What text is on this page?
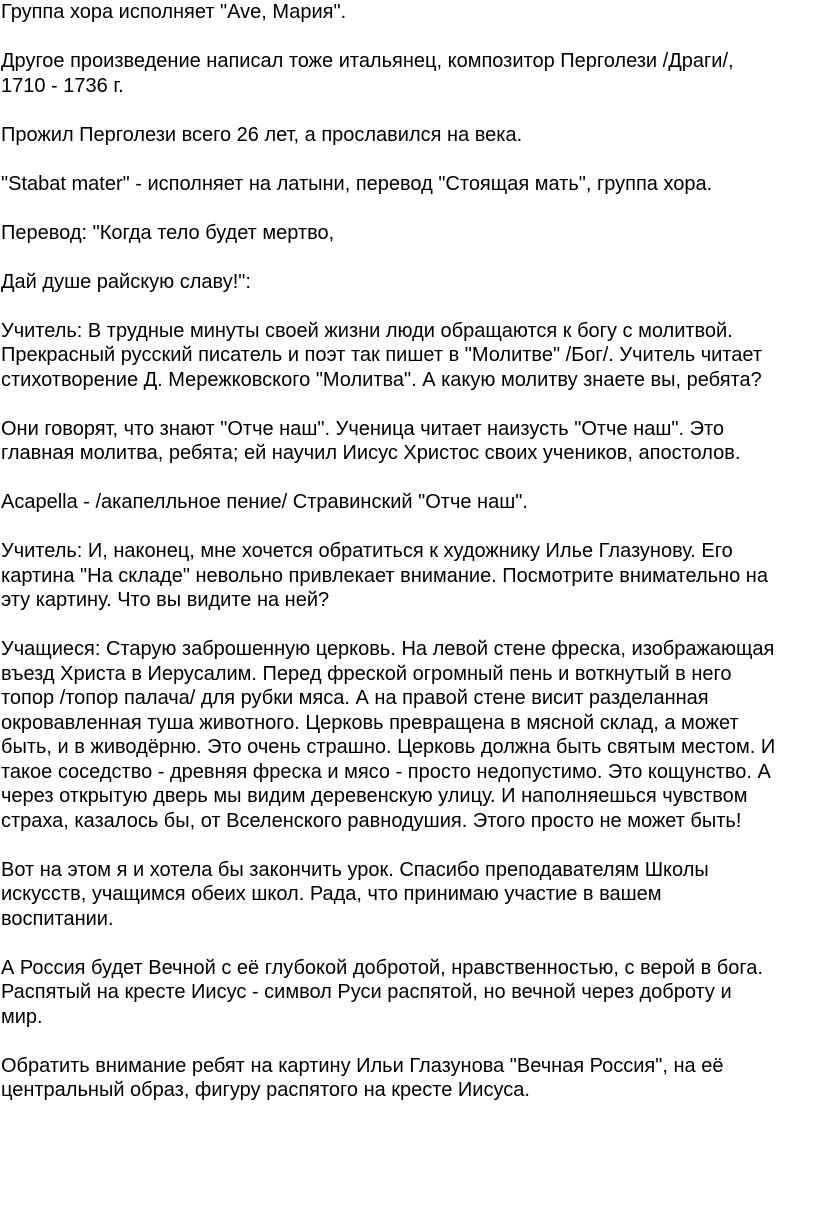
Группа хора исполняет "Ave, Мария".

Другое произведение написал тоже итальянец, композитор Перголези /Драги/,
1710 - 1736 г.

Прожил Перголези всего 26 лет, а прославился на века.

"Stabat mater" - исполняет на латыни, перевод "Стоящая мать", группа хора.

Перевод: "Когда тело будет мертво,

Дай душе райскую славу!":

Учитель: В трудные минуты своей жизни люди обращаются к богу с молитвой.
Прекрасный русский писатель и поэт так пишет в "Молитве" /Бог/. Учитель читает
стихотворение Д. Мережковского "Молитва". А какую молитву знаете вы, ребята?

Они говорят, что знают "Отче наш". Ученица читает наизусть "Отче наш". Это
главная молитва, ребята; ей научил Иисус Христос своих учеников, апостолов.

Acapella - /акапелльное пение/ Стравинский "Отче наш".

Учитель: И, наконец, мне хочется обратиться к художнику Илье Глазунову. Его
картина "На складе" невольно привлекает внимание. Посмотрите внимательно на
эту картину. Что вы видите на ней?

Учащиеся: Старую заброшенную церковь. На левой стене фреска, изображающая
въезд Христа в Иерусалим. Перед фреской огромный пень и воткнутый в него
топор /топор палача/ для рубки мяса. А на правой стене висит разделанная
окровавленная туша животного. Церковь превращена в мясной склад, а может
быть, и в живодёрню. Это очень страшно. Церковь должна быть святым местом. И
такое соседство - древняя фреска и мясо - просто недопустимо. Это кощунство. А
через открытую дверь мы видим деревенскую улицу. И наполняешься чувством
страха, казалось бы, от Вселенского равнодушия. Этого просто не может быть!

Вот на этом я и хотела бы закончить урок. Спасибо преподавателям Школы
искусств, учащимся обеих школ. Рада, что принимаю участие в вашем
воспитании.

А Россия будет Вечной с её глубокой добротой, нравственностью, с верой в бога.
Распятый на кресте Иисус - символ Руси распятой, но вечной через доброту и
мир.

Обратить внимание ребят на картину Ильи Глазунова "Вечная Россия", на её
центральный образ, фигуру распятого на кресте Иисуса.
